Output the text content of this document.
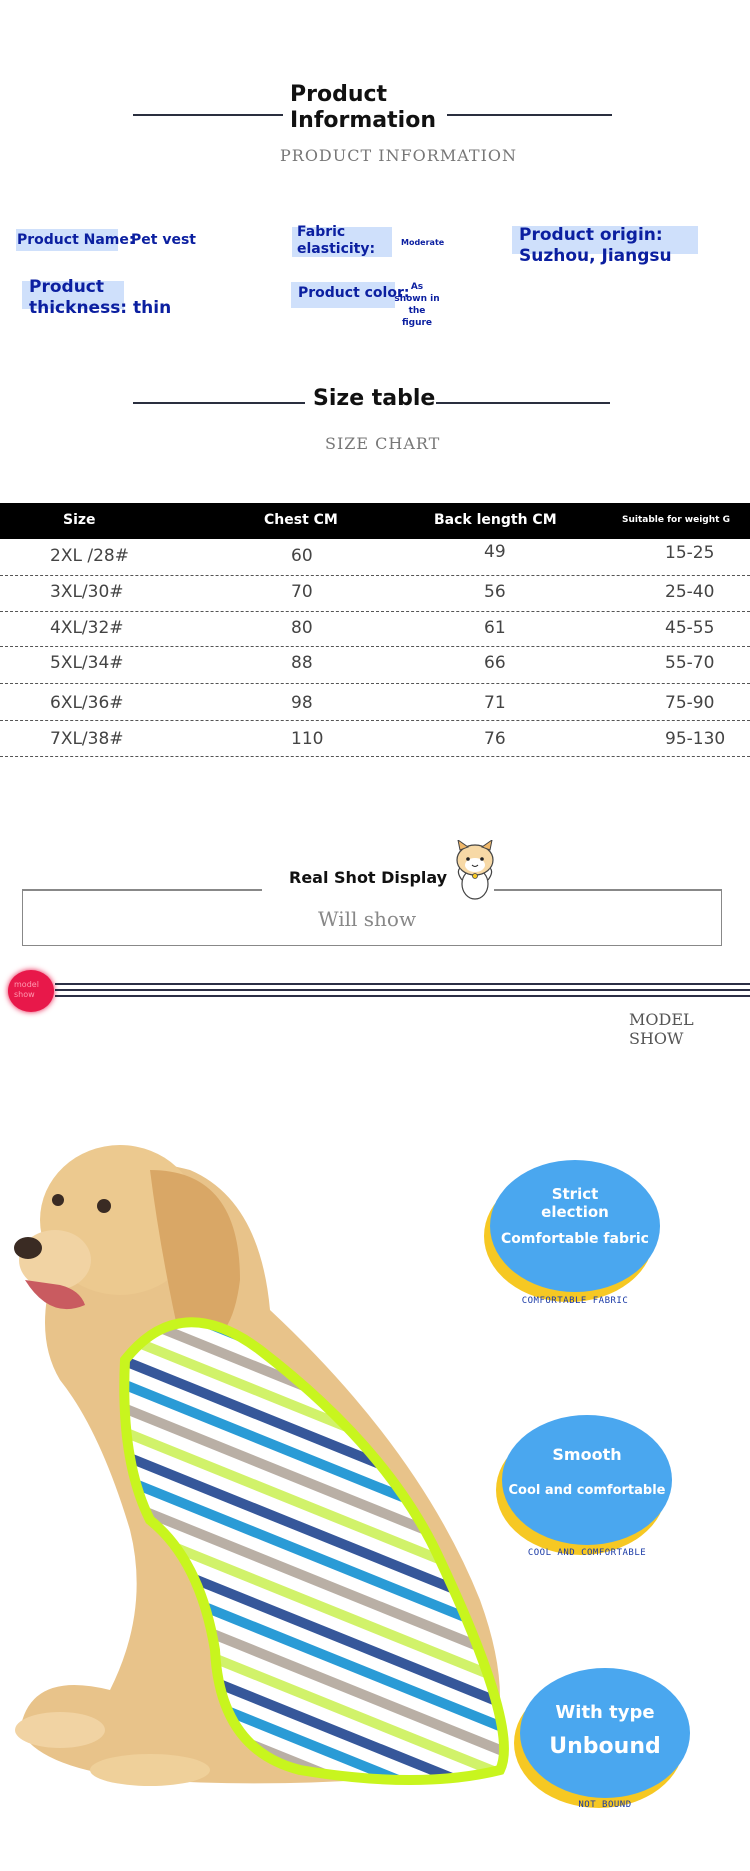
Product
Information
PRODUCT INFORMATION
Product Name:
Pet vest	Fabric
elasticity:	Moderate	Product origin:
Suzhou, Jiangsu
Product
thickness: thin
Product color: As
shown in
the
figure
Size table
SIZE CHART
Size	Chest CM	Back length CM	Suitable for weight G
2XL /28#	60	49	15-25
3XL/30#	70	56	25-40
4XL/32#	80	61	45-55
5XL/34#	88	66	55-70
6XL/36#	98	71	75-90
7XL/38#	110	76	95-130
Real Shot Display
Will show
model show
MODEL SHOW
Strict
election
Comfortable fabric
COMFORTABLE FABRIC
Smooth
Cool and comfortable
COOL AND COMFORTABLE
With type
Unbound
NOT BOUND
